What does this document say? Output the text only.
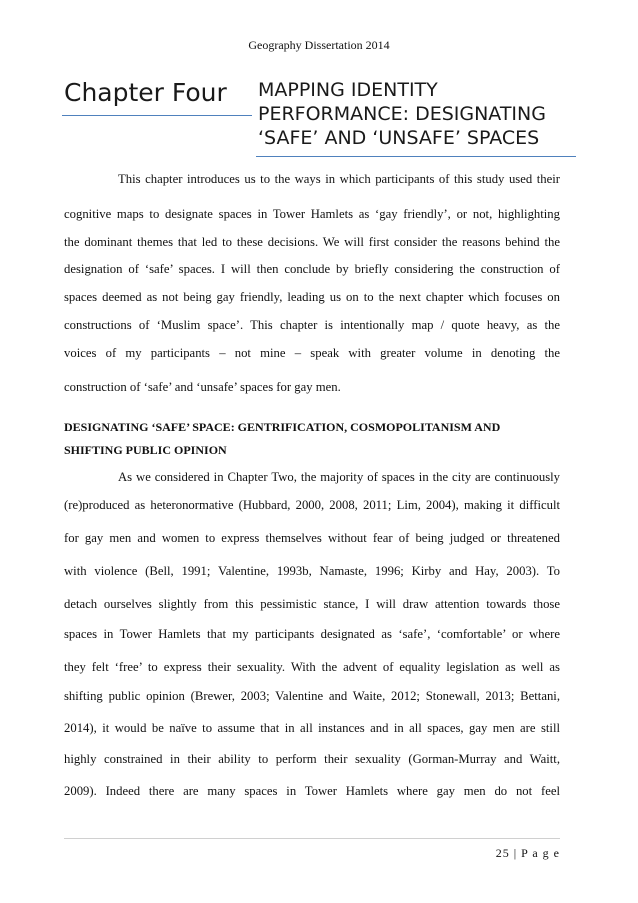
Geography Dissertation 2014
Chapter Four MAPPING IDENTITY
PERFORMANCE: DESIGNATING
‘SAFE’ AND ‘UNSAFE’ SPACES
This chapter introduces us to the ways in which participants of this study used their
cognitive maps to designate spaces in Tower Hamlets as ‘gay friendly’, or not, highlighting
the dominant themes that led to these decisions. We will first consider the reasons behind the
designation of ‘safe’ spaces. I will then conclude by briefly considering the construction of
spaces deemed as not being gay friendly, leading us on to the next chapter which focuses on
constructions of ‘Muslim space’. This chapter is intentionally map / quote heavy, as the
voices of my participants – not mine – speak with greater volume in denoting the
construction of ‘safe’ and ‘unsafe’ spaces for gay men.
DESIGNATING ‘SAFE’ SPACE: GENTRIFICATION, COSMOPOLITANISM AND
SHIFTING PUBLIC OPINION
As we considered in Chapter Two, the majority of spaces in the city are continuously
(re)produced as heteronormative (Hubbard, 2000, 2008, 2011; Lim, 2004), making it difficult
for gay men and women to express themselves without fear of being judged or threatened
with violence (Bell, 1991; Valentine, 1993b, Namaste, 1996; Kirby and Hay, 2003). To
detach ourselves slightly from this pessimistic stance, I will draw attention towards those
spaces in Tower Hamlets that my participants designated as ‘safe’, ‘comfortable’ or where
they felt ‘free’ to express their sexuality. With the advent of equality legislation as well as
shifting public opinion (Brewer, 2003; Valentine and Waite, 2012; Stonewall, 2013; Bettani,
2014), it would be naïve to assume that in all instances and in all spaces, gay men are still
highly constrained in their ability to perform their sexuality (Gorman-Murray and Waitt,
2009). Indeed there are many spaces in Tower Hamlets where gay men do not feel
25 | P a g e
